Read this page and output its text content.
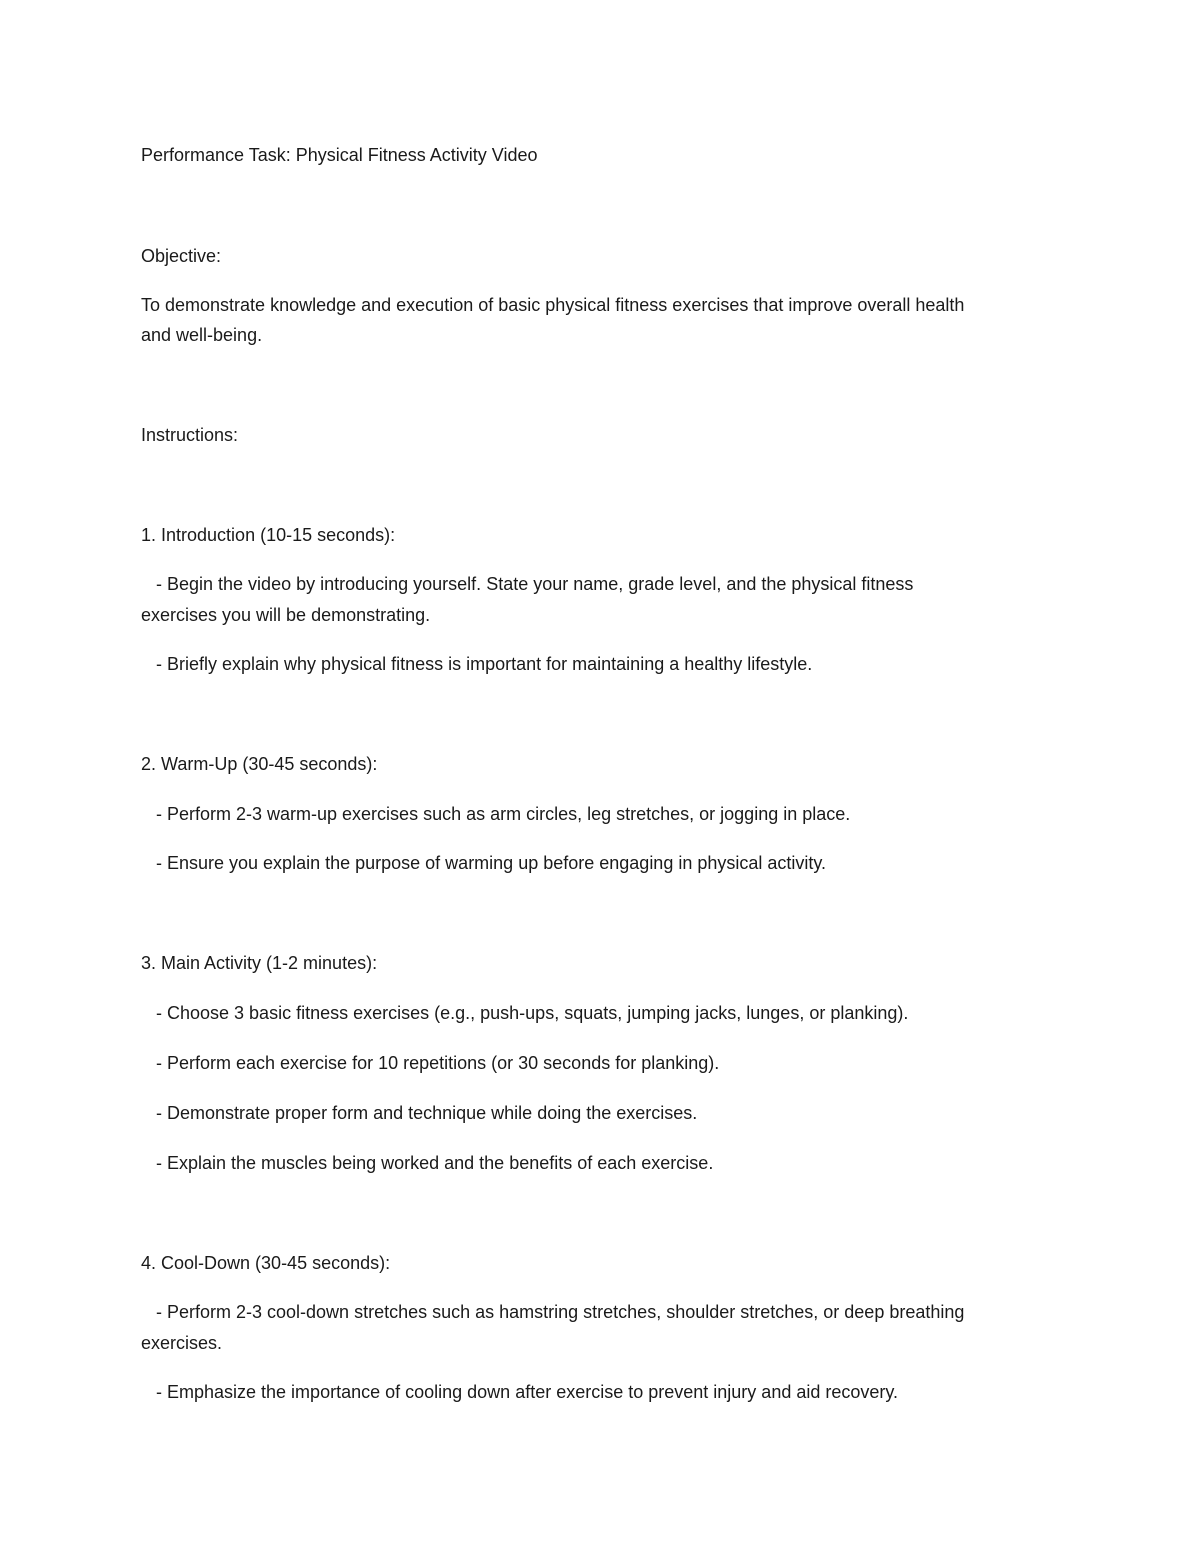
Performance Task: Physical Fitness Activity Video
Objective:
To demonstrate knowledge and execution of basic physical fitness exercises that improve overall health
and well-being.
Instructions:
1. Introduction (10-15 seconds):
- Begin the video by introducing yourself. State your name, grade level, and the physical fitness
exercises you will be demonstrating.
- Briefly explain why physical fitness is important for maintaining a healthy lifestyle.
2. Warm-Up (30-45 seconds):
- Perform 2-3 warm-up exercises such as arm circles, leg stretches, or jogging in place.
- Ensure you explain the purpose of warming up before engaging in physical activity.
3. Main Activity (1-2 minutes):
- Choose 3 basic fitness exercises (e.g., push-ups, squats, jumping jacks, lunges, or planking).
- Perform each exercise for 10 repetitions (or 30 seconds for planking).
- Demonstrate proper form and technique while doing the exercises.
- Explain the muscles being worked and the benefits of each exercise.
4. Cool-Down (30-45 seconds):
- Perform 2-3 cool-down stretches such as hamstring stretches, shoulder stretches, or deep breathing
exercises.
- Emphasize the importance of cooling down after exercise to prevent injury and aid recovery.
